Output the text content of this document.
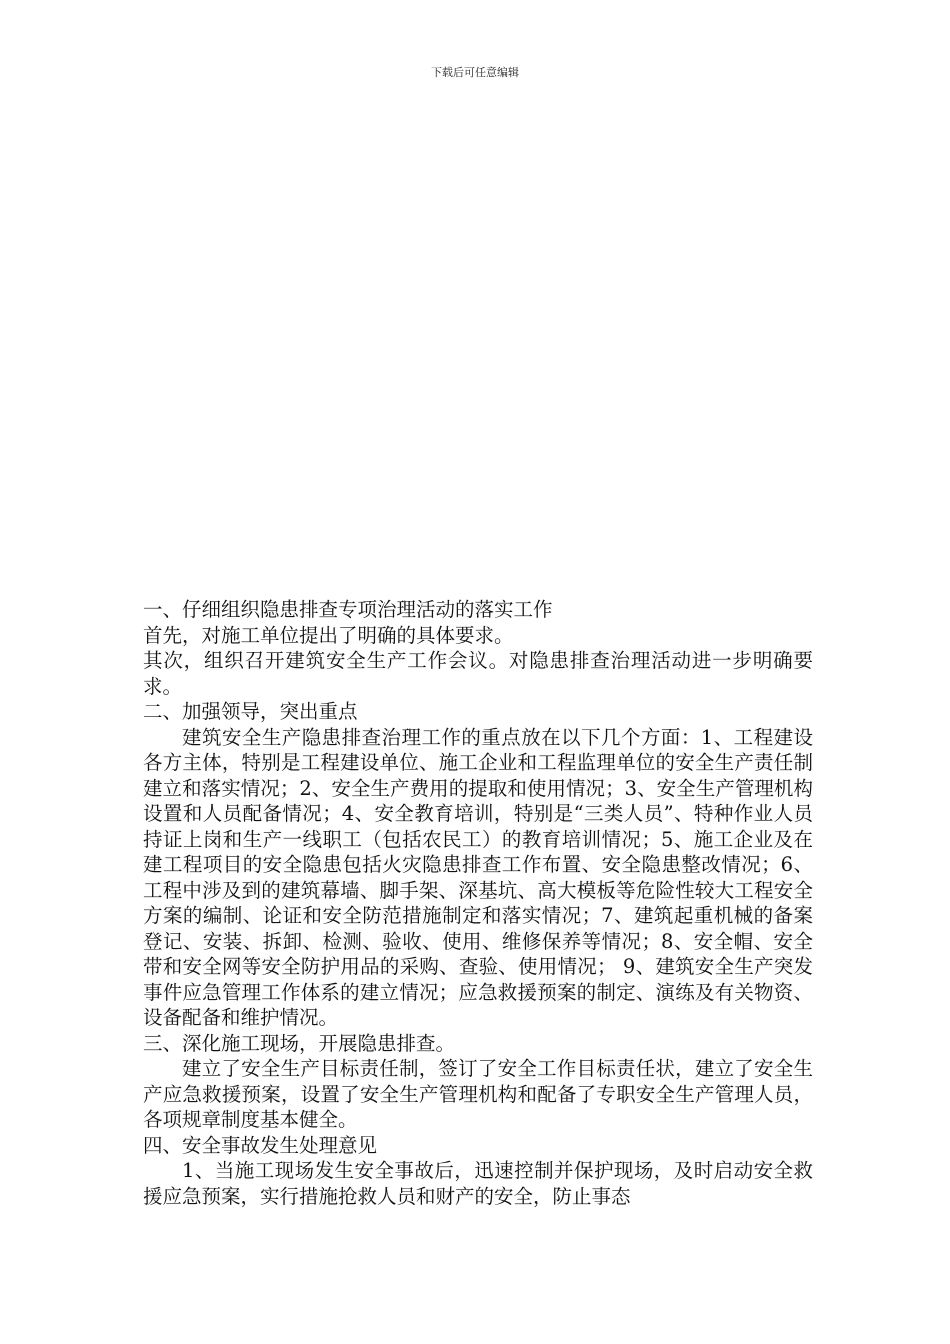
下载后可任意编辑

一、仔细组织隐患排查专项治理活动的落实工作

首先，对施工单位提出了明确的具体要求。

其次，组织召开建筑安全生产工作会议。对隐患排查治理活动进一步明确要求。

二、加强领导，突出重点

建筑安全生产隐患排查治理工作的重点放在以下几个方面：1、工程建设各方主体，特别是工程建设单位、施工企业和工程监理单位的安全生产责任制建立和落实情况；2、安全生产费用的提取和使用情况；3、安全生产管理机构设置和人员配备情况；4、安全教育培训，特别是“三类人员”、特种作业人员持证上岗和生产一线职工（包括农民工）的教育培训情况；5、施工企业及在建工程项目的安全隐患包括火灾隐患排查工作布置、安全隐患整改情况；6、工程中涉及到的建筑幕墙、脚手架、深基坑、高大模板等危险性较大工程安全方案的编制、论证和安全防范措施制定和落实情况；7、建筑起重机械的备案登记、安装、拆卸、检测、验收、使用、维修保养等情况；8、安全帽、安全带和安全网等安全防护用品的采购、查验、使用情况； 9、建筑安全生产突发事件应急管理工作体系的建立情况；应急救援预案的制定、演练及有关物资、设备配备和维护情况。

三、深化施工现场，开展隐患排查。

建立了安全生产目标责任制，签订了安全工作目标责任状，建立了安全生产应急救援预案，设置了安全生产管理机构和配备了专职安全生产管理人员，各项规章制度基本健全。

四、安全事故发生处理意见

1、当施工现场发生安全事故后，迅速控制并保护现场，及时启动安全救援应急预案，实行措施抢救人员和财产的安全，防止事态
